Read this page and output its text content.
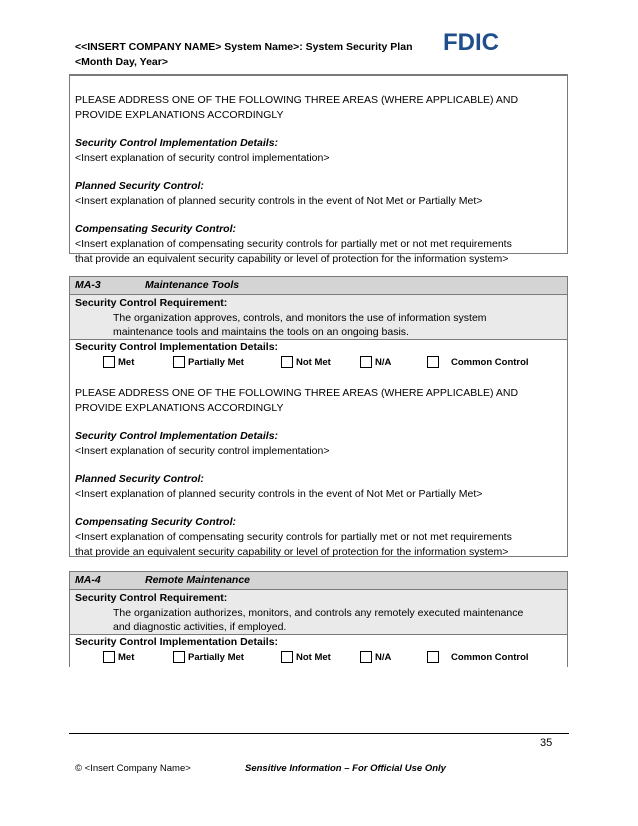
<<INSERT COMPANY NAME> System Name>: System Security Plan
<Month Day, Year>
FDIC
PLEASE ADDRESS ONE OF THE FOLLOWING THREE AREAS (WHERE APPLICABLE) AND
PROVIDE EXPLANATIONS ACCORDINGLY
Security Control Implementation Details:
<Insert explanation of security control implementation>
Planned Security Control:
<Insert explanation of planned security controls in the event of Not Met or Partially Met>
Compensating Security Control:
<Insert explanation of compensating security controls for partially met or not met requirements
that provide an equivalent security capability or level of protection for the information system>
MA-3	Maintenance Tools
Security Control Requirement:
The organization approves, controls, and monitors the use of information system
maintenance tools and maintains the tools on an ongoing basis.
Security Control Implementation Details:
Met	Partially Met	Not Met	N/A	Common Control
PLEASE ADDRESS ONE OF THE FOLLOWING THREE AREAS (WHERE APPLICABLE) AND
PROVIDE EXPLANATIONS ACCORDINGLY
Security Control Implementation Details:
<Insert explanation of security control implementation>
Planned Security Control:
<Insert explanation of planned security controls in the event of Not Met or Partially Met>
Compensating Security Control:
<Insert explanation of compensating security controls for partially met or not met requirements
that provide an equivalent security capability or level of protection for the information system>
MA-4	Remote Maintenance
Security Control Requirement:
The organization authorizes, monitors, and controls any remotely executed maintenance
and diagnostic activities, if employed.
Security Control Implementation Details:
Met	Partially Met	Not Met	N/A	Common Control
35
© <Insert Company Name>	Sensitive Information – For Official Use Only
